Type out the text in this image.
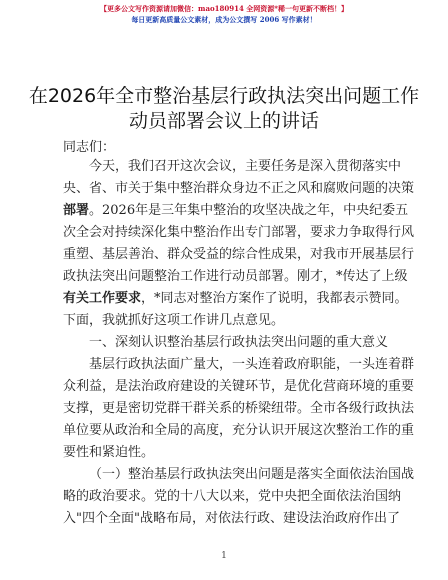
【更多公文写作资源请加微信：mao180914 全网资源*稀一句更新不断档！】
每日更新高质量公文素材，成为公文撰写 2006 写作素材！
在2026年全市整治基层行政执法突出问题工作
动员部署会议上的讲话
同志们：
今天，我们召开这次会议，主要任务是深入贯彻落实中
央、省、市关于集中整治群众身边不正之风和腐败问题的决策
部署。2026年是三年集中整治的攻坚决战之年，中央纪委五
次全会对持续深化集中整治作出专门部署，要求力争取得行风
重塑、基层善治、群众受益的综合性成果，对我市开展基层行
政执法突出问题整治工作进行动员部署。刚才，*传达了上级
有关工作要求，*同志对整治方案作了说明，我都表示赞同。
下面，我就抓好这项工作讲几点意见。
一、深刻认识整治基层行政执法突出问题的重大意义
基层行政执法面广量大，一头连着政府职能，一头连着群
众利益，是法治政府建设的关键环节，是优化营商环境的重要
支撑，更是密切党群干群关系的桥梁纽带。全市各级行政执法
单位要从政治和全局的高度，充分认识开展这次整治工作的重
要性和紧迫性。
（一）整治基层行政执法突出问题是落实全面依法治国战
略的政治要求。党的十八大以来，党中央把全面依法治国纳
入"四个全面"战略布局，对依法行政、建设法治政府作出了
1
